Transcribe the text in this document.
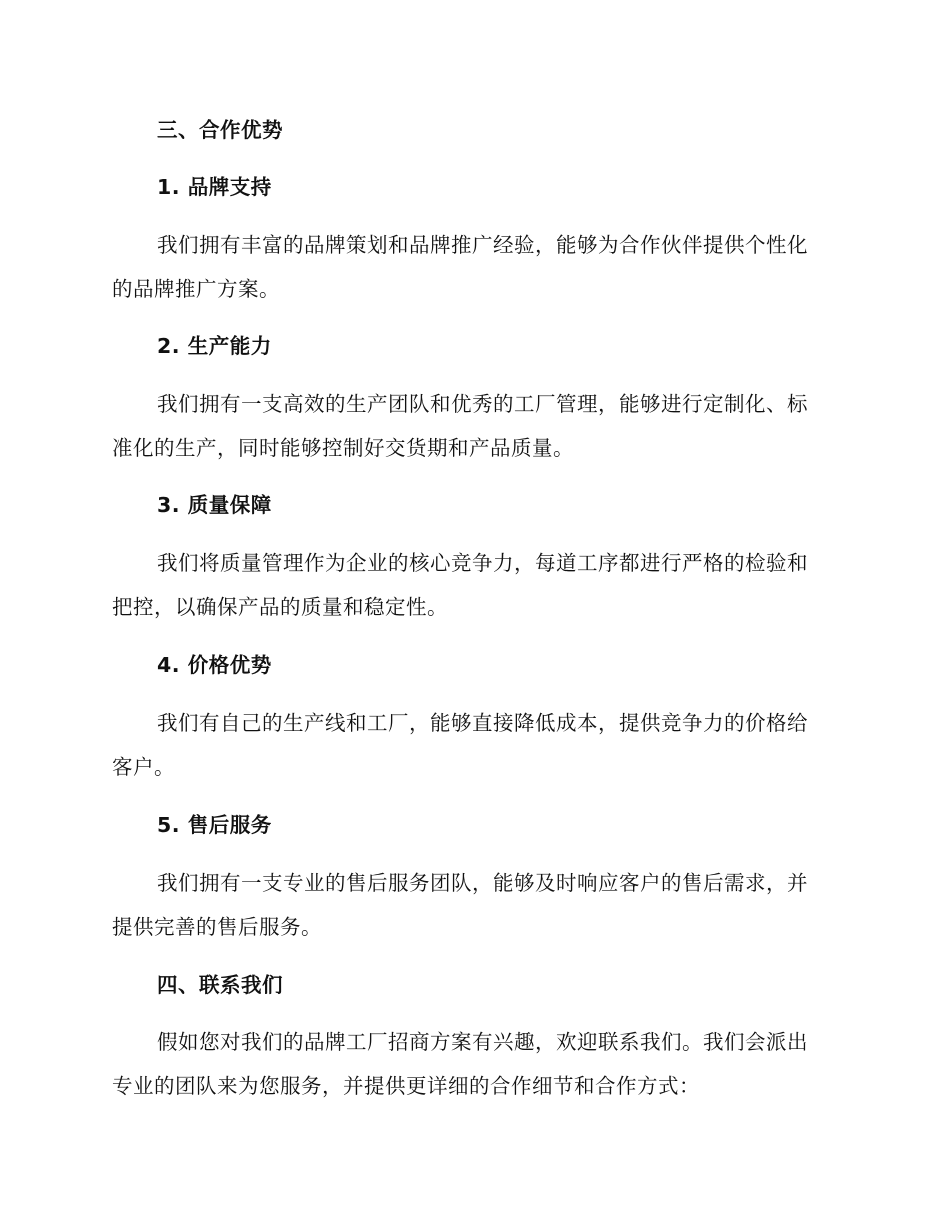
三、合作优势

1. 品牌支持

我们拥有丰富的品牌策划和品牌推广经验，能够为合作伙伴提供个性化

的品牌推广方案。

2. 生产能力

我们拥有一支高效的生产团队和优秀的工厂管理，能够进行定制化、标

准化的生产，同时能够控制好交货期和产品质量。

3. 质量保障

我们将质量管理作为企业的核心竞争力，每道工序都进行严格的检验和

把控，以确保产品的质量和稳定性。

4. 价格优势

我们有自己的生产线和工厂，能够直接降低成本，提供竞争力的价格给

客户。

5. 售后服务

我们拥有一支专业的售后服务团队，能够及时响应客户的售后需求，并

提供完善的售后服务。

四、联系我们

假如您对我们的品牌工厂招商方案有兴趣，欢迎联系我们。我们会派出

专业的团队来为您服务，并提供更详细的合作细节和合作方式：
